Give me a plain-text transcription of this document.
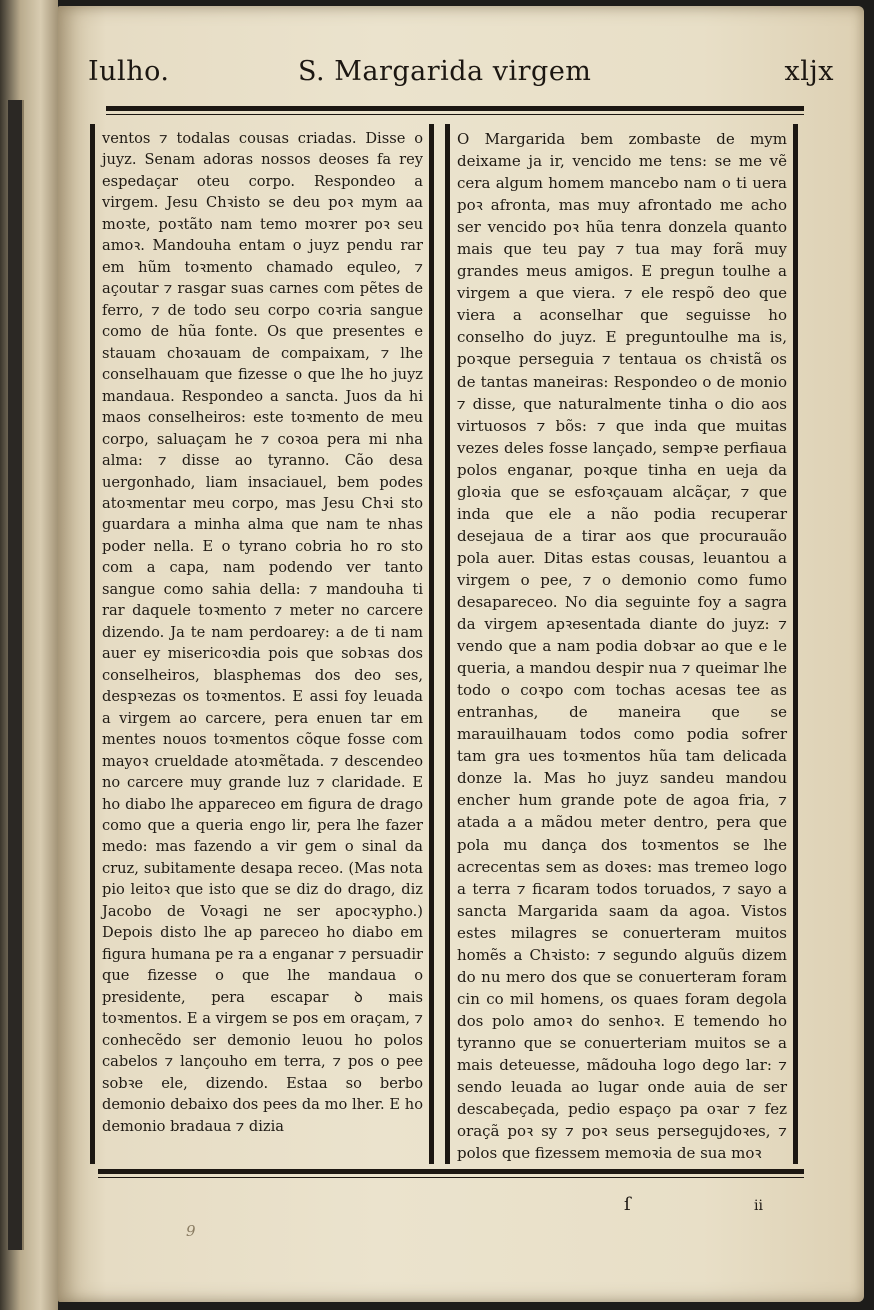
Iulho.	S. Margarida virgem	xlјx

ventos ⁊ todalas cousas criadas. Disse o juyz. Senam adoras nossos deoses fa rey espedaçar oteu corpo. Respondeo a virgem. Jesu Chꝛisto se deu poꝛ mym aa moꝛte, poꝛtãto nam temo moꝛrer poꝛ seu amoꝛ. Mandouha entam o juyz pendu rar em hũm toꝛmento chamado equleo, ⁊ açoutar ⁊ rasgar suas carnes com pẽtes de ferro, ⁊ de todo seu corpo coꝛria sangue como de hũa fonte. Os que presentes e stauam choꝛauam de compaixam, ⁊ lhe conselhauam que fizesse o que lhe ho juyz mandaua. Respondeo a sancta. Juos da hi maos conselheiros: este toꝛmento de meu corpo, saluaçam he ⁊ coꝛoa pera mi nha alma: ⁊ disse ao tyranno. Cão desa uergonhado, liam insaciauel, bem podes atoꝛmentar meu corpo, mas Jesu Chꝛi sto guardara a minha alma que nam te nhas poder nella. E o tyrano cobria ho ro sto com a capa, nam podendo ver tanto sangue como sahia della: ⁊ mandouha ti rar daquele toꝛmento ⁊ meter no carcere dizendo. Ja te nam perdoarey: a de ti nam auer ey misericoꝛdia pois que sobꝛas dos conselheiros, blasphemas dos deo ses, despꝛezas os toꝛmentos. E assi foy leuada a virgem ao carcere, pera enuen tar em mentes nouos toꝛmentos cõque fosse com mayoꝛ crueldade atoꝛmẽtada. ⁊ descendeo no carcere muy grande luz ⁊ claridade. E ho diabo lhe appareceo em figura de drago como que a queria engo lir, pera lhe fazer medo: mas fazendo a vir gem o sinal da cruz, subitamente desapa receo. (Mas nota pio leitoꝛ que isto que se diz do drago, diz Jacobo de Voꝛagi ne ser apocꝛypho.) Depois disto lhe ap pareceo ho diabo em figura humana pe ra a enganar ⁊ persuadir que fizesse o que lhe mandaua o presidente, pera escapar ꝺ mais toꝛmentos. E a virgem se pos em oraçam, ⁊ conhecẽdo ser demonio leuou ho polos cabelos ⁊ lançouho em terra, ⁊ pos o pee sobꝛe ele, dizendo. Estaa so berbo demonio debaixo dos pees da mo lher. E ho demonio bradaua ⁊ dizia

O Margarida bem zombaste de mym deixame ja ir, vencido me tens: se me vẽ cera algum homem mancebo nam o ti uera poꝛ afronta, mas muy afrontado me acho ser vencido poꝛ hũa tenra donzela quanto mais que teu pay ⁊ tua may forã muy grandes meus amigos. E pregun toulhe a virgem a que viera. ⁊ ele respõ deo que viera a aconselhar que seguisse ho conselho do juyz. E preguntoulhe ma is, poꝛque perseguia ⁊ tentaua os chꝛistã os de tantas maneiras: Respondeo o de monio ⁊ disse, que naturalmente tinha o dio aos virtuosos ⁊ bõs: ⁊ que inda que muitas vezes deles fosse lançado, sempꝛe perfiaua polos enganar, poꝛque tinha en ueja da gloꝛia que se esfoꝛçauam alcãçar, ⁊ que inda que ele a não podia recuperar desejaua de a tirar aos que procurauão pola auer. Ditas estas cousas, leuantou a virgem o pee, ⁊ o demonio como fumo desapareceo. No dia seguinte foy a sagra da virgem apꝛesentada diante do juyz: ⁊ vendo que a nam podia dobꝛar ao que e le queria, a mandou despir nua ⁊ queimar lhe todo o coꝛpo com tochas acesas tee as entranhas, de maneira que se marauilhauam todos como podia sofrer tam gra ues toꝛmentos hũa tam delicada donze la. Mas ho juyz sandeu mandou encher hum grande pote de agoa fria, ⁊ atada a a mãdou meter dentro, pera que pola mu dança dos toꝛmentos se lhe acrecentas sem as doꝛes: mas tremeo logo a terra ⁊ ficaram todos toruados, ⁊ sayo a sancta Margarida saam da agoa. Vistos estes milagres se conuerteram muitos homẽs a Chꝛisto: ⁊ segundo alguũs dizem do nu mero dos que se conuerteram foram cin co mil homens, os quaes foram degola dos polo amoꝛ do senhoꝛ. E temendo ho tyranno que se conuerteriam muitos se a mais deteuesse, mãdouha logo dego lar: ⁊ sendo leuada ao lugar onde auia de ser descabeçada, pedio espaço pa oꝛar ⁊ fez oraçã poꝛ sy ⁊ poꝛ seus persegujdoꝛes, ⁊ polos que fizessem memoꝛia de sua moꝛ

ſ	ii
9
